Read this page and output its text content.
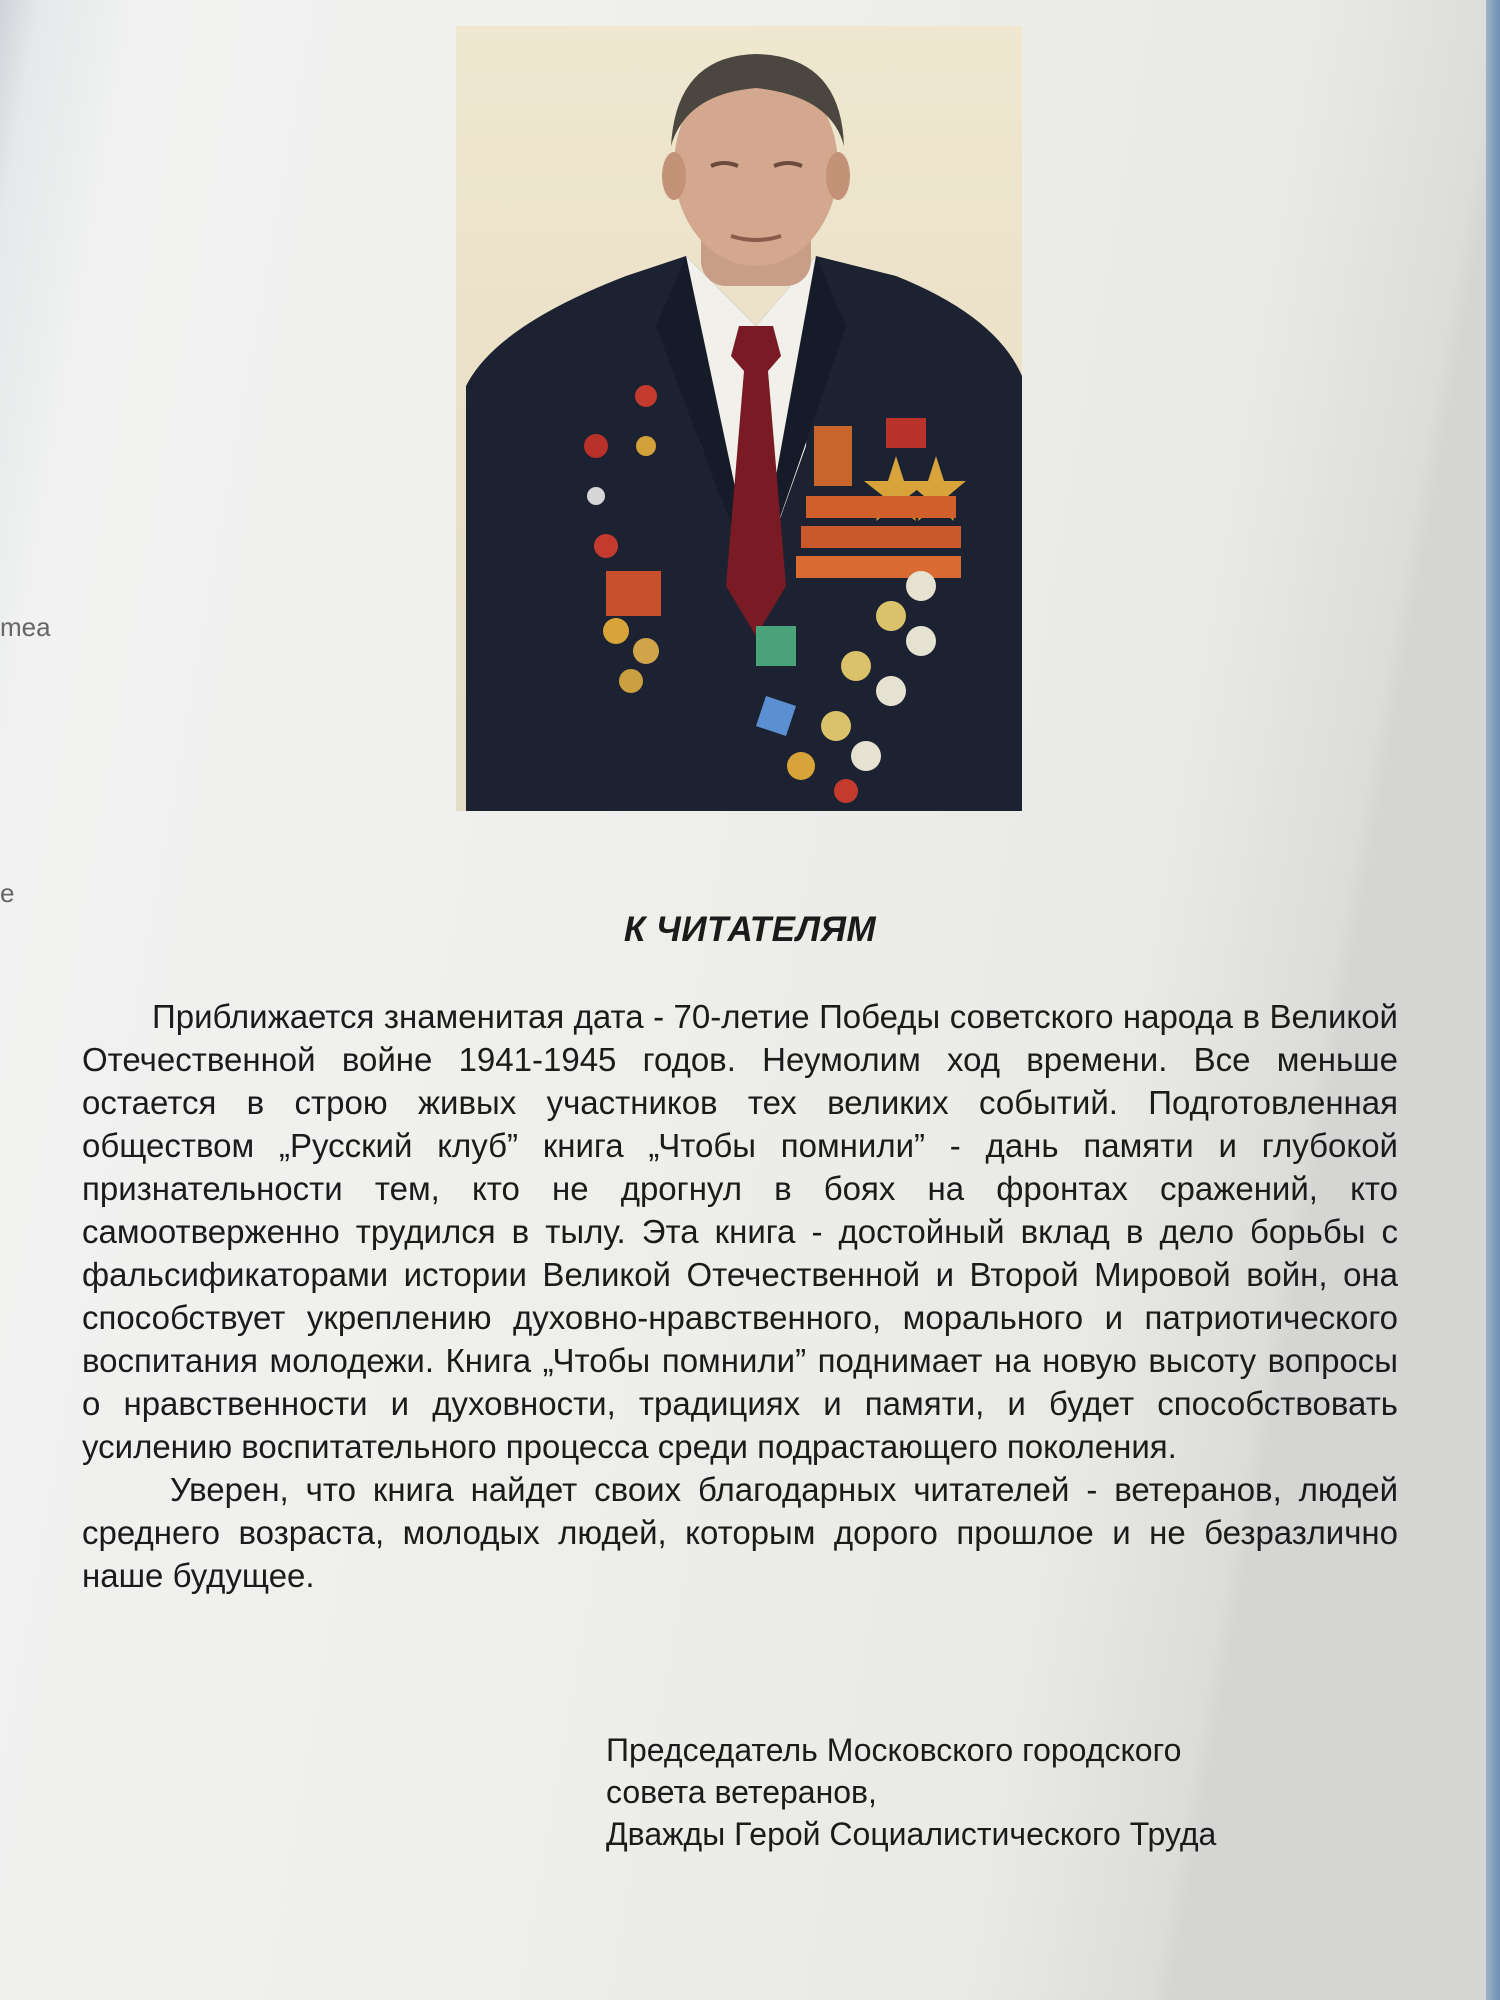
mea
e
К ЧИТАТЕЛЯМ

Приближается знаменитая дата - 70-летие Победы советского народа в Великой Отечественной войне 1941-1945 годов. Неумолим ход времени. Все меньше остается в строю живых участников тех великих событий. Подготовленная обществом „Русский клуб” книга „Чтобы помнили” - дань памяти и глубокой признательности тем, кто не дрогнул в боях на фронтах сражений, кто самоотверженно трудился в тылу. Эта книга - достойный вклад в дело борьбы с фальсификаторами истории Великой Отечественной и Второй Мировой войн, она способствует укреплению духовно-нравственного, морального и патриотического воспитания молодежи. Книга „Чтобы помнили” поднимает на новую высоту вопросы о нравственности и духовности, традициях и памяти, и будет способствовать усилению воспитательного процесса среди подрастающего поколения.

Уверен, что книга найдет своих благодарных читателей - ветеранов, людей среднего возраста, молодых людей, которым дорого прошлое и не безразлично наше будущее.

Председатель Московского городского
совета ветеранов,
Дважды Герой Социалистического Труда
